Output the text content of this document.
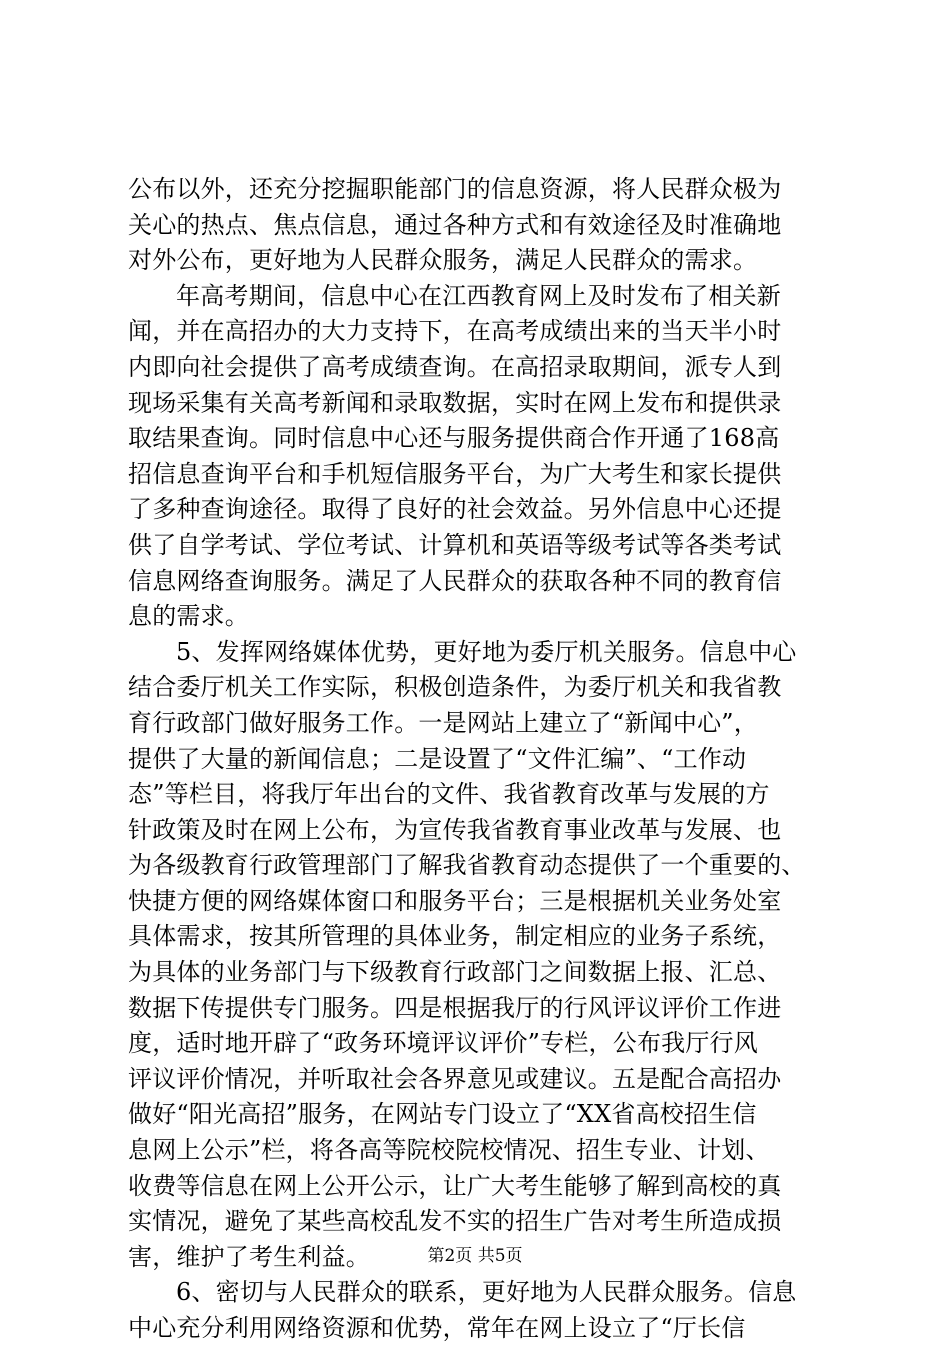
公布以外，还充分挖掘职能部门的信息资源，将人民群众极为
关心的热点、焦点信息，通过各种方式和有效途径及时准确地
对外公布，更好地为人民群众服务，满足人民群众的需求。
年高考期间，信息中心在江西教育网上及时发布了相关新
闻，并在高招办的大力支持下，在高考成绩出来的当天半小时
内即向社会提供了高考成绩查询。在高招录取期间，派专人到
现场采集有关高考新闻和录取数据，实时在网上发布和提供录
取结果查询。同时信息中心还与服务提供商合作开通了168高
招信息查询平台和手机短信服务平台，为广大考生和家长提供
了多种查询途径。取得了良好的社会效益。另外信息中心还提
供了自学考试、学位考试、计算机和英语等级考试等各类考试
信息网络查询服务。满足了人民群众的获取各种不同的教育信
息的需求。
5、发挥网络媒体优势，更好地为委厅机关服务。信息中心
结合委厅机关工作实际，积极创造条件，为委厅机关和我省教
育行政部门做好服务工作。一是网站上建立了“新闻中心”，
提供了大量的新闻信息；二是设置了“文件汇编”、“工作动
态”等栏目，将我厅年出台的文件、我省教育改革与发展的方
针政策及时在网上公布，为宣传我省教育事业改革与发展、也
为各级教育行政管理部门了解我省教育动态提供了一个重要的、
快捷方便的网络媒体窗口和服务平台；三是根据机关业务处室
具体需求，按其所管理的具体业务，制定相应的业务子系统，
为具体的业务部门与下级教育行政部门之间数据上报、汇总、
数据下传提供专门服务。四是根据我厅的行风评议评价工作进
度，适时地开辟了“政务环境评议评价”专栏，公布我厅行风
评议评价情况，并听取社会各界意见或建议。五是配合高招办
做好“阳光高招”服务，在网站专门设立了“XX省高校招生信
息网上公示”栏，将各高等院校院校情况、招生专业、计划、
收费等信息在网上公开公示，让广大考生能够了解到高校的真
实情况，避免了某些高校乱发不实的招生广告对考生所造成损
害，维护了考生利益。
6、密切与人民群众的联系，更好地为人民群众服务。信息
中心充分利用网络资源和优势，常年在网上设立了“厅长信
第2页 共5页
